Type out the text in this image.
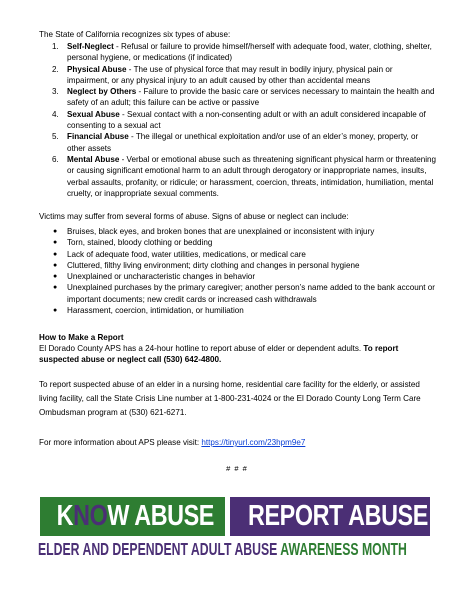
The State of California recognizes six types of abuse:
1. Self-Neglect - Refusal or failure to provide himself/herself with adequate food, water, clothing, shelter, personal hygiene, or medications (if indicated)
2. Physical Abuse - The use of physical force that may result in bodily injury, physical pain or impairment, or any physical injury to an adult caused by other than accidental means
3. Neglect by Others - Failure to provide the basic care or services necessary to maintain the health and safety of an adult; this failure can be active or passive
4. Sexual Abuse - Sexual contact with a non-consenting adult or with an adult considered incapable of consenting to a sexual act
5. Financial Abuse - The illegal or unethical exploitation and/or use of an elder’s money, property, or other assets
6. Mental Abuse - Verbal or emotional abuse such as threatening significant physical harm or threatening or causing significant emotional harm to an adult through derogatory or inappropriate names, insults, verbal assaults, profanity, or ridicule; or harassment, coercion, threats, intimidation, humiliation, mental cruelty, or inappropriate sexual comments.
Victims may suffer from several forms of abuse. Signs of abuse or neglect can include:
● Bruises, black eyes, and broken bones that are unexplained or inconsistent with injury
● Torn, stained, bloody clothing or bedding
● Lack of adequate food, water utilities, medications, or medical care
● Cluttered, filthy living environment; dirty clothing and changes in personal hygiene
● Unexplained or uncharacteristic changes in behavior
● Unexplained purchases by the primary caregiver; another person’s name added to the bank account or important documents; new credit cards or increased cash withdrawals
● Harassment, coercion, intimidation, or humiliation
How to Make a Report
El Dorado County APS has a 24-hour hotline to report abuse of elder or dependent adults. To report suspected abuse or neglect call (530) 642-4800.
To report suspected abuse of an elder in a nursing home, residential care facility for the elderly, or assisted living facility, call the State Crisis Line number at 1-800-231-4024 or the El Dorado County Long Term Care Ombudsman program at (530) 621-6271.
For more information about APS please visit: https://tinyurl.com/23hpm9e7
# # #
KNOW ABUSE REPORT ABUSE
ELDER AND DEPENDENT ADULT ABUSE AWARENESS MONTH
